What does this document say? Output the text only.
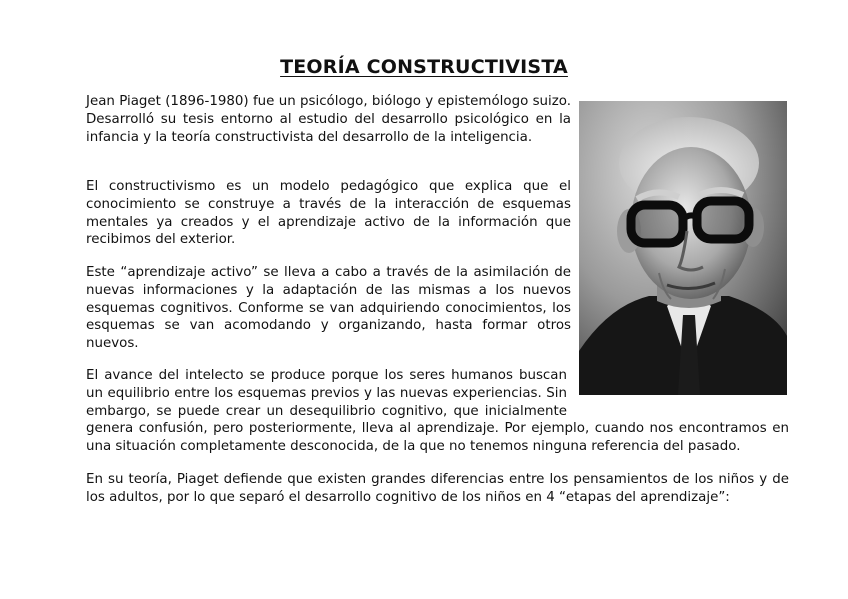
TEORÍA CONSTRUCTIVISTA

Jean Piaget (1896-1980) fue un psicólogo, biólogo y epistemólogo suizo. Desarrolló su tesis entorno al estudio del desarrollo psicológico en la infancia y la teoría constructivista del desarrollo de la inteligencia.

El constructivismo es un modelo pedagógico que explica que el conocimiento se construye a través de la interacción de esquemas mentales ya creados y el aprendizaje activo de la información que recibimos del exterior.

Este “aprendizaje activo” se lleva a cabo a través de la asimilación de nuevas informaciones y la adaptación de las mismas a los nuevos esquemas cognitivos. Conforme se van adquiriendo conocimientos, los esquemas se van acomodando y organizando, hasta formar otros nuevos.

El avance del intelecto se produce porque los seres humanos buscan un equilibrio entre los esquemas previos y las nuevas experiencias. Sin embargo, se puede crear un desequilibrio cognitivo, que inicialmente genera confusión, pero posteriormente, lleva al aprendizaje. Por ejemplo, cuando nos encontramos en una situación completamente desconocida, de la que no tenemos ninguna referencia del pasado.

En su teoría, Piaget defiende que existen grandes diferencias entre los pensamientos de los niños y de los adultos, por lo que separó el desarrollo cognitivo de los niños en 4 “etapas del aprendizaje”:
